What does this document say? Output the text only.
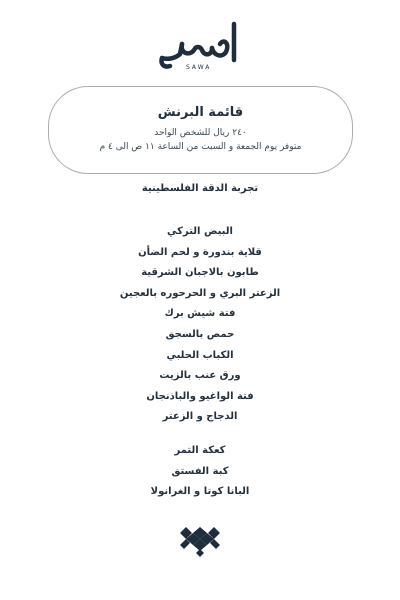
SAWA
قائمة البرنش
٢٤٠ ريال للشخص الواحد
متوفر يوم الجمعة و السبت من الساعة ١١ ص الى ٤ م
تجربة الدقة الفلسطينية
البيض التركي
قلاية بندورة و لحم الضأن
طابون بالاجبان الشرقية
الزعتر البري و الحرحوره بالعجين
فتة شيش برك
حمص بالسجق
الكباب الحلبي
ورق عنب بالزيت
فتة الواغيو والباذنجان
الدجاج و الزعتر
كعكة التمر
كبة الفستق
البانا كوتا و الغرانولا
